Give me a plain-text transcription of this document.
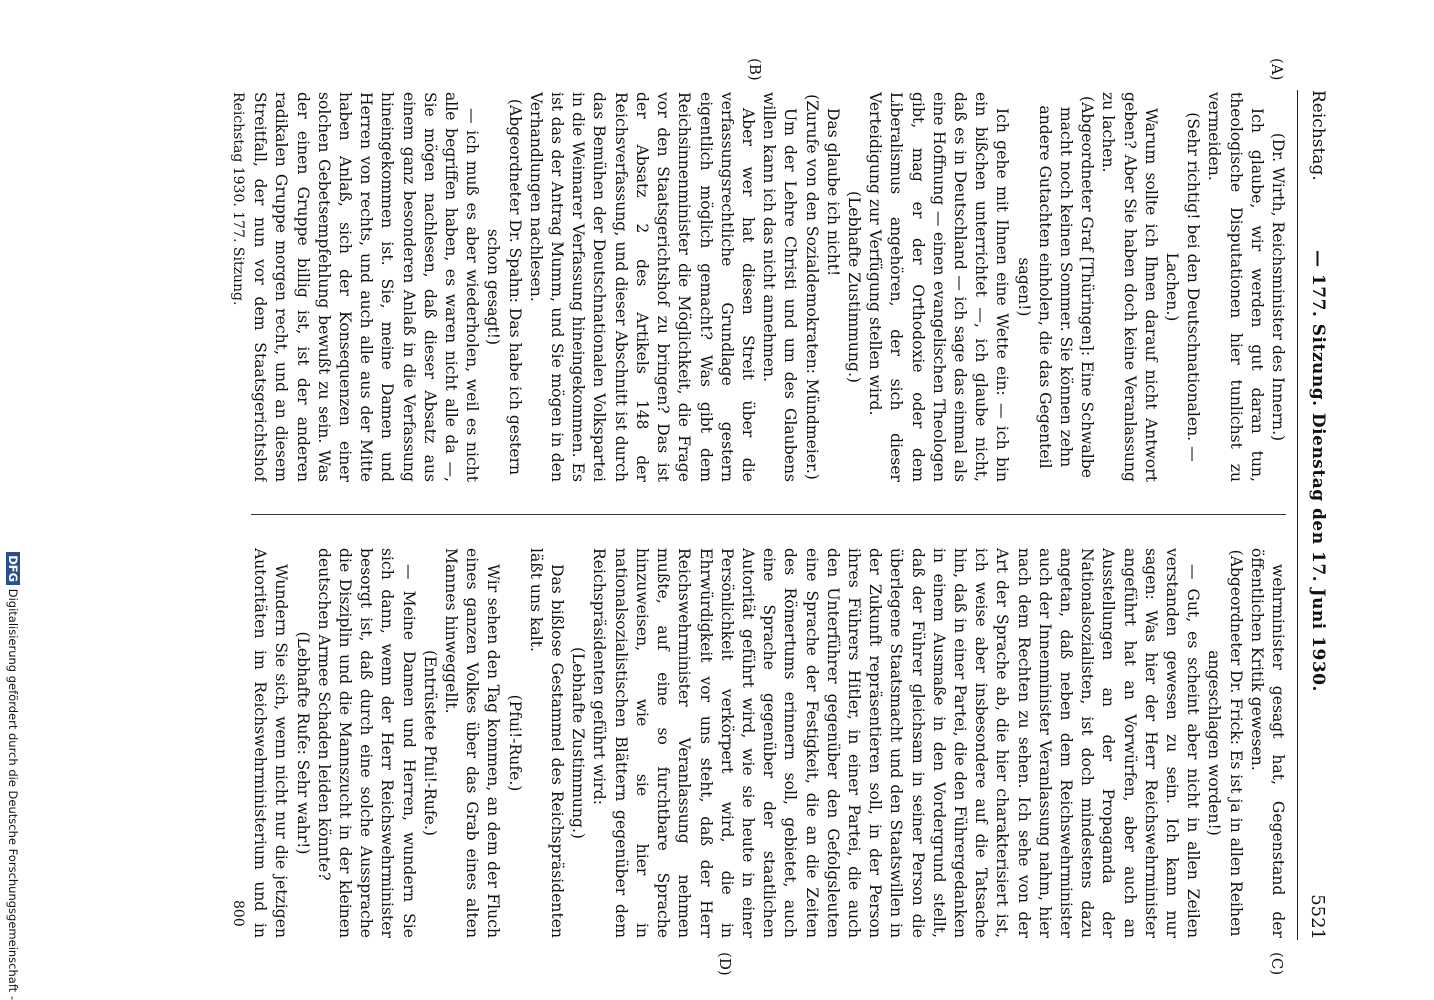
Reichstag.
— 177. Sitzung. Dienstag den 17. Juni 1930.
5521
(A)
(B)
(C)
(D)

(Dr. Wirth, Reichsminister des Innern.)

Ich glaube, wir werden gut daran tun, theologische Disputationen hier tunlichst zu vermeiden.

(Sehr richtig! bei den Deutschnationalen. — Lachen.)

Warum sollte ich Ihnen darauf nicht Antwort geben? Aber Sie haben doch keine Veranlassung zu lachen.

(Abgeordneter Graf [Thüringen]: Eine Schwalbe macht noch keinen Sommer. Sie können zehn andere Gutachten einholen, die das Gegenteil sagen!)

Ich gehe mit Ihnen eine Wette ein: — ich bin ein bißchen unterrichtet —, ich glaube nicht, daß es in Deutschland — ich sage das einmal als eine Hoffnung — einen evangelischen Theologen gibt, mag er der Orthodoxie oder dem Liberalismus angehören, der sich dieser Verteidigung zur Verfügung stellen wird.

(Lebhafte Zustimmung.)

Das glaube ich nicht!

(Zurufe von den Sozialdemokraten: Mündmeier.)

Um der Lehre Christi und um des Glaubens willen kann ich das nicht annehmen.

Aber wer hat diesen Streit über die verfassungsrechtliche Grundlage gestern eigentlich möglich gemacht? Was gibt dem Reichsinnenminister die Möglichkeit, die Frage vor den Staatsgerichtshof zu bringen? Das ist der Absatz 2 des Artikels 148 der Reichsverfassung, und dieser Abschnitt ist durch das Bemühen der Deutschnationalen Volkspartei in die Weimarer Verfassung hineingekommen. Es ist das der Antrag Mumm, und Sie mögen in den Verhandlungen nachlesen.

(Abgeordneter Dr. Spahn: Das habe ich gestern schon gesagt!)

— ich muß es aber wiederholen, weil es nicht alle begriffen haben, es waren nicht alle da —, Sie mögen nachlesen, daß dieser Absatz aus einem ganz besonderen Anlaß in die Verfassung hineingekommen ist. Sie, meine Damen und Herren von rechts, und auch alle aus der Mitte haben Anlaß, sich der Konsequenzen einer solchen Gebetsempfehlung bewußt zu sein. Was der einen Gruppe billig ist, ist der anderen radikalen Gruppe morgen recht, und an diesem Streitfall, der nun vor dem Staatsgerichtshof

wehrminister gesagt hat, Gegenstand der öffentlichen Kritik gewesen.

(Abgeordneter Dr. Frick: Es ist ja in allen Reihen angeschlagen worden!)

— Gut, es scheint aber nicht in allen Zeilen verstanden gewesen zu sein. Ich kann nur sagen: Was hier der Herr Reichswehrminister angeführt hat an Vorwürfen, aber auch an Ausstellungen an der Propaganda der Nationalsozialisten, ist doch mindestens dazu angetan, daß neben dem Reichswehrminister auch der Innenminister Veranlassung nahm, hier nach dem Rechten zu sehen. Ich sehe von der Art der Sprache ab, die hier charakterisiert ist, ich weise aber insbesondere auf die Tatsache hin, daß in einer Partei, die den Führergedanken in einem Ausmaße in den Vordergrund stellt, daß der Führer gleichsam in seiner Person die überlegene Staatsmacht und den Staatswillen in der Zukunft repräsentieren soll, in der Person ihres Führers Hitler, in einer Partei, die auch den Unterführer gegenüber den Gefolgsleuten eine Sprache der Festigkeit, die an die Zeiten des Römertums erinnern soll, gebietet, auch eine Sprache gegenüber der staatlichen Autorität geführt wird, wie sie heute in einer Persönlichkeit verkörpert wird, die in Ehrwürdigkeit vor uns steht, daß der Herr Reichswehrminister Veranlassung nehmen mußte, auf eine so furchtbare Sprache hinzuweisen, wie sie hier in nationalsozialistischen Blättern gegenüber dem Reichspräsidenten geführt wird:

(Lebhafte Zustimmung.)

Das bißlose Gestammel des Reichspräsidenten läßt uns kalt.

(Pfui!-Rufe.)

Wir sehen den Tag kommen, an dem der Fluch eines ganzen Volkes über das Grab eines alten Mannes hinweggellt.

(Entrüstete Pfui!-Rufe.)

— Meine Damen und Herren, wundern Sie sich dann, wenn der Herr Reichswehrminister besorgt ist, daß durch eine solche Aussprache die Disziplin und die Mannszucht in der kleinen deutschen Armee Schaden leiden könnte?

(Lebhafte Rufe: Sehr wahr!)

Wundern Sie sich, wenn nicht nur die jetzigen Autoritäten im Reichswehrministerium und in

Reichstag 1930. 177. Sitzung.
800
DFG Digitalisierung gefördert durch die Deutsche Forschungsgemeinschaft -
